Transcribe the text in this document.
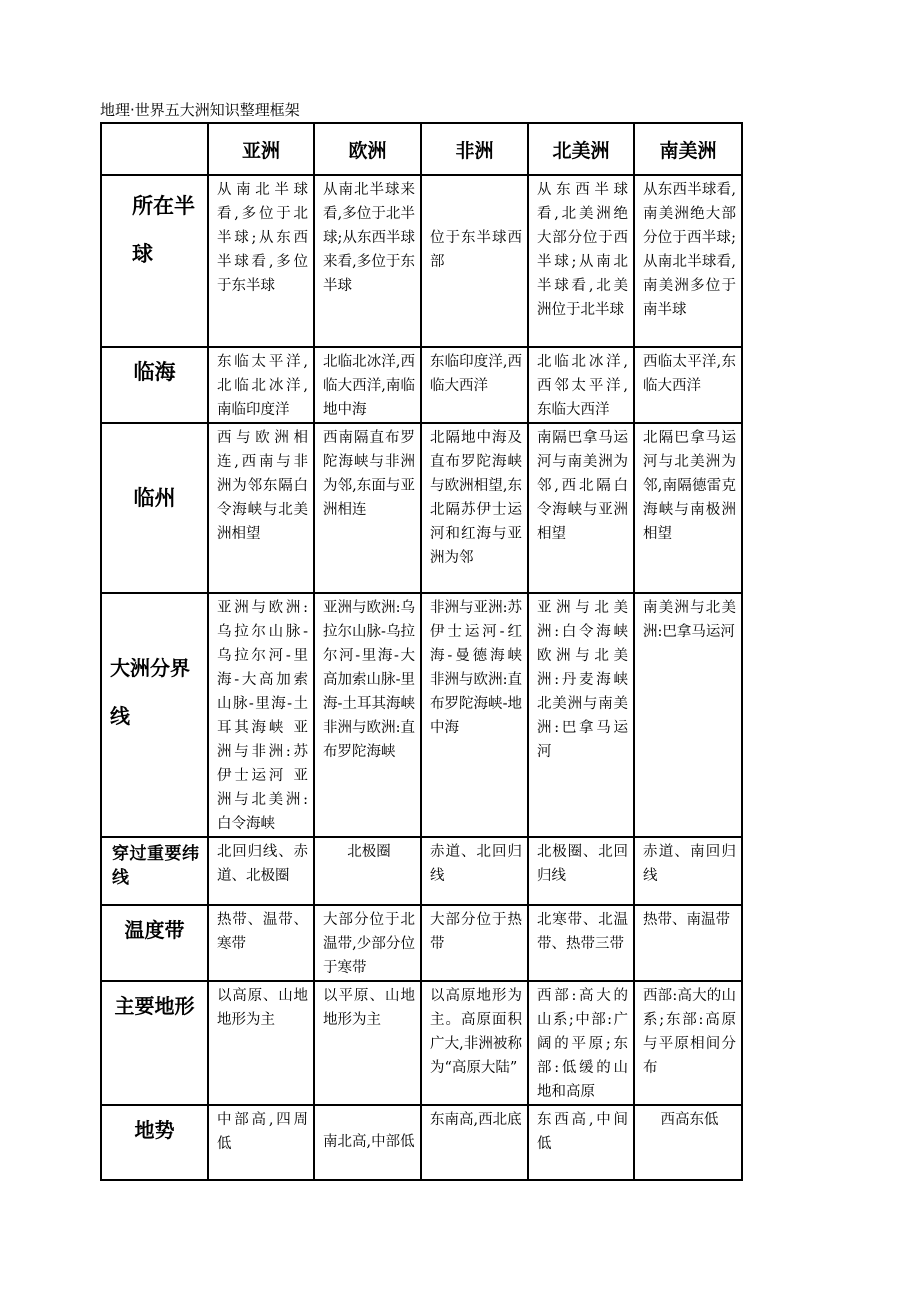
地理·世界五大洲知识整理框架
	亚洲	欧洲	非洲	北美洲	南美洲

所在半球	从南北半球看,多位于北半球;从东西半球看,多位于东半球	从南北半球来看,多位于北半球;从东西半球来看,多位于东半球	位于东半球西部	从东西半球看,北美洲绝大部分位于西半球;从南北半球看,北美洲位于北半球	从东西半球看,南美洲绝大部分位于西半球;从南北半球看,南美洲多位于南半球

临海	东临太平洋,北临北冰洋,南临印度洋	北临北冰洋,西临大西洋,南临地中海	东临印度洋,西临大西洋	北临北冰洋,西邻太平洋,东临大西洋	西临太平洋,东临大西洋

临州	西与欧洲相连,西南与非洲为邻东隔白令海峡与北美洲相望	西南隔直布罗陀海峡与非洲为邻,东面与亚洲相连	北隔地中海及直布罗陀海峡与欧洲相望,东北隔苏伊士运河和红海与亚洲为邻	南隔巴拿马运河与南美洲为邻,西北隔白令海峡与亚洲相望	北隔巴拿马运河与北美洲为邻,南隔德雷克海峡与南极洲相望

大洲分界线	亚洲与欧洲:乌拉尔山脉-乌拉尔河-里海-大高加索山脉-里海-土耳其海峡 亚洲与非洲:苏伊士运河 亚洲与北美洲:白令海峡	亚洲与欧洲:乌拉尔山脉-乌拉尔河-里海-大高加索山脉-里海-土耳其海峡 非洲与欧洲:直布罗陀海峡	非洲与亚洲:苏伊士运河-红海-曼德海峡 非洲与欧洲:直布罗陀海峡-地中海	亚洲与北美洲:白令海峡 欧洲与北美洲:丹麦海峡 北美洲与南美洲:巴拿马运河	南美洲与北美洲:巴拿马运河

穿过重要纬线	北回归线、赤道、北极圈	北极圈	赤道、北回归线	北极圈、北回归线	赤道、南回归线

温度带	热带、温带、寒带	大部分位于北温带,少部分位于寒带	大部分位于热带	北寒带、北温带、热带三带	热带、南温带

主要地形	以高原、山地地形为主	以平原、山地地形为主	以高原地形为主。高原面积广大,非洲被称为“高原大陆”	西部:高大的山系;中部:广阔的平原;东部:低缓的山地和高原	西部:高大的山系;东部:高原与平原相间分布

地势	中部高,四周低	南北高,中部低	东南高,西北底	东西高,中间低	西高东低
